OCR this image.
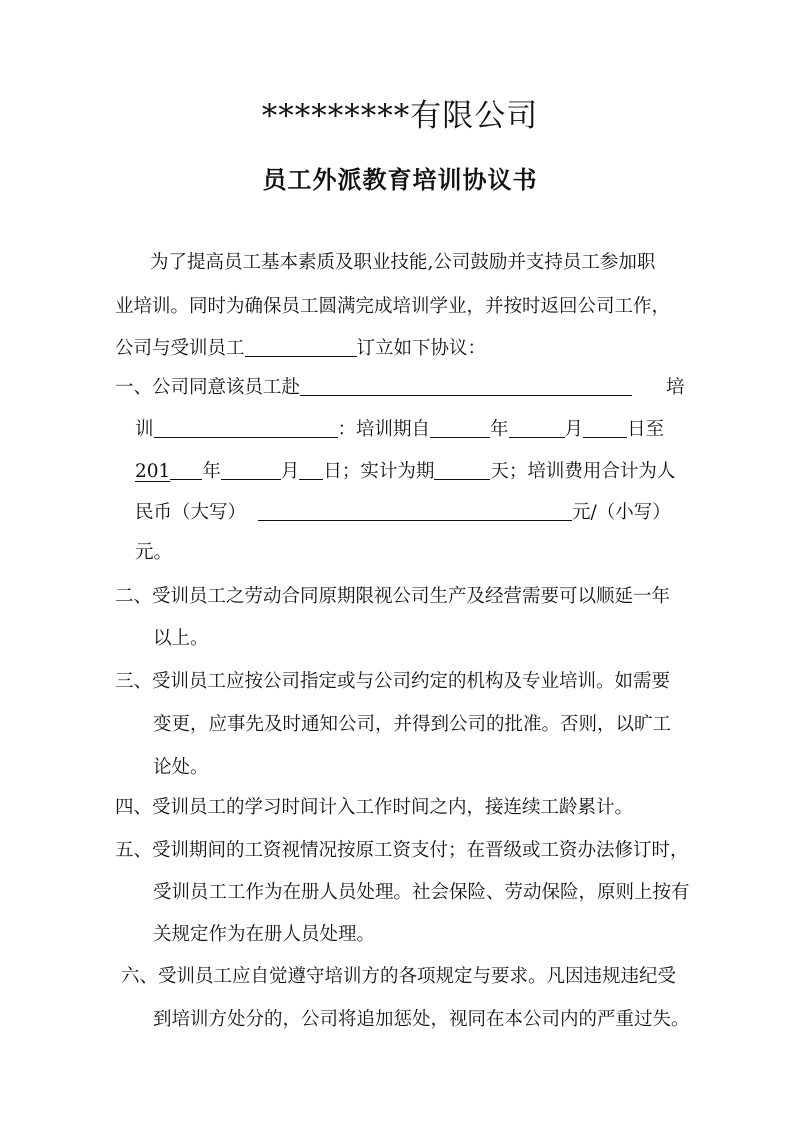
*********有限公司
员工外派教育培训协议书
为了提高员工基本素质及职业技能,公司鼓励并支持员工参加职
业培训。同时为确保员工圆满完成培训学业，并按时返回公司工作，
公司与受训员工	订立如下协议：
一、公司同意该员工赴	培
训	：培训期自	年	月 日至
201 年	月 日；实计为期	天；培训费用合计为人
民币（大写）	元/（小写）
元。
二、受训员工之劳动合同原期限视公司生产及经营需要可以顺延一年
以上。
三、受训员工应按公司指定或与公司约定的机构及专业培训。如需要
变更，应事先及时通知公司，并得到公司的批准。否则，以旷工
论处。
四、受训员工的学习时间计入工作时间之内，接连续工龄累计。
五、受训期间的工资视情况按原工资支付；在晋级或工资办法修订时，
受训员工工作为在册人员处理。社会保险、劳动保险，原则上按有
关规定作为在册人员处理。
六、受训员工应自觉遵守培训方的各项规定与要求。凡因违规违纪受
到培训方处分的，公司将追加惩处，视同在本公司内的严重过失。
